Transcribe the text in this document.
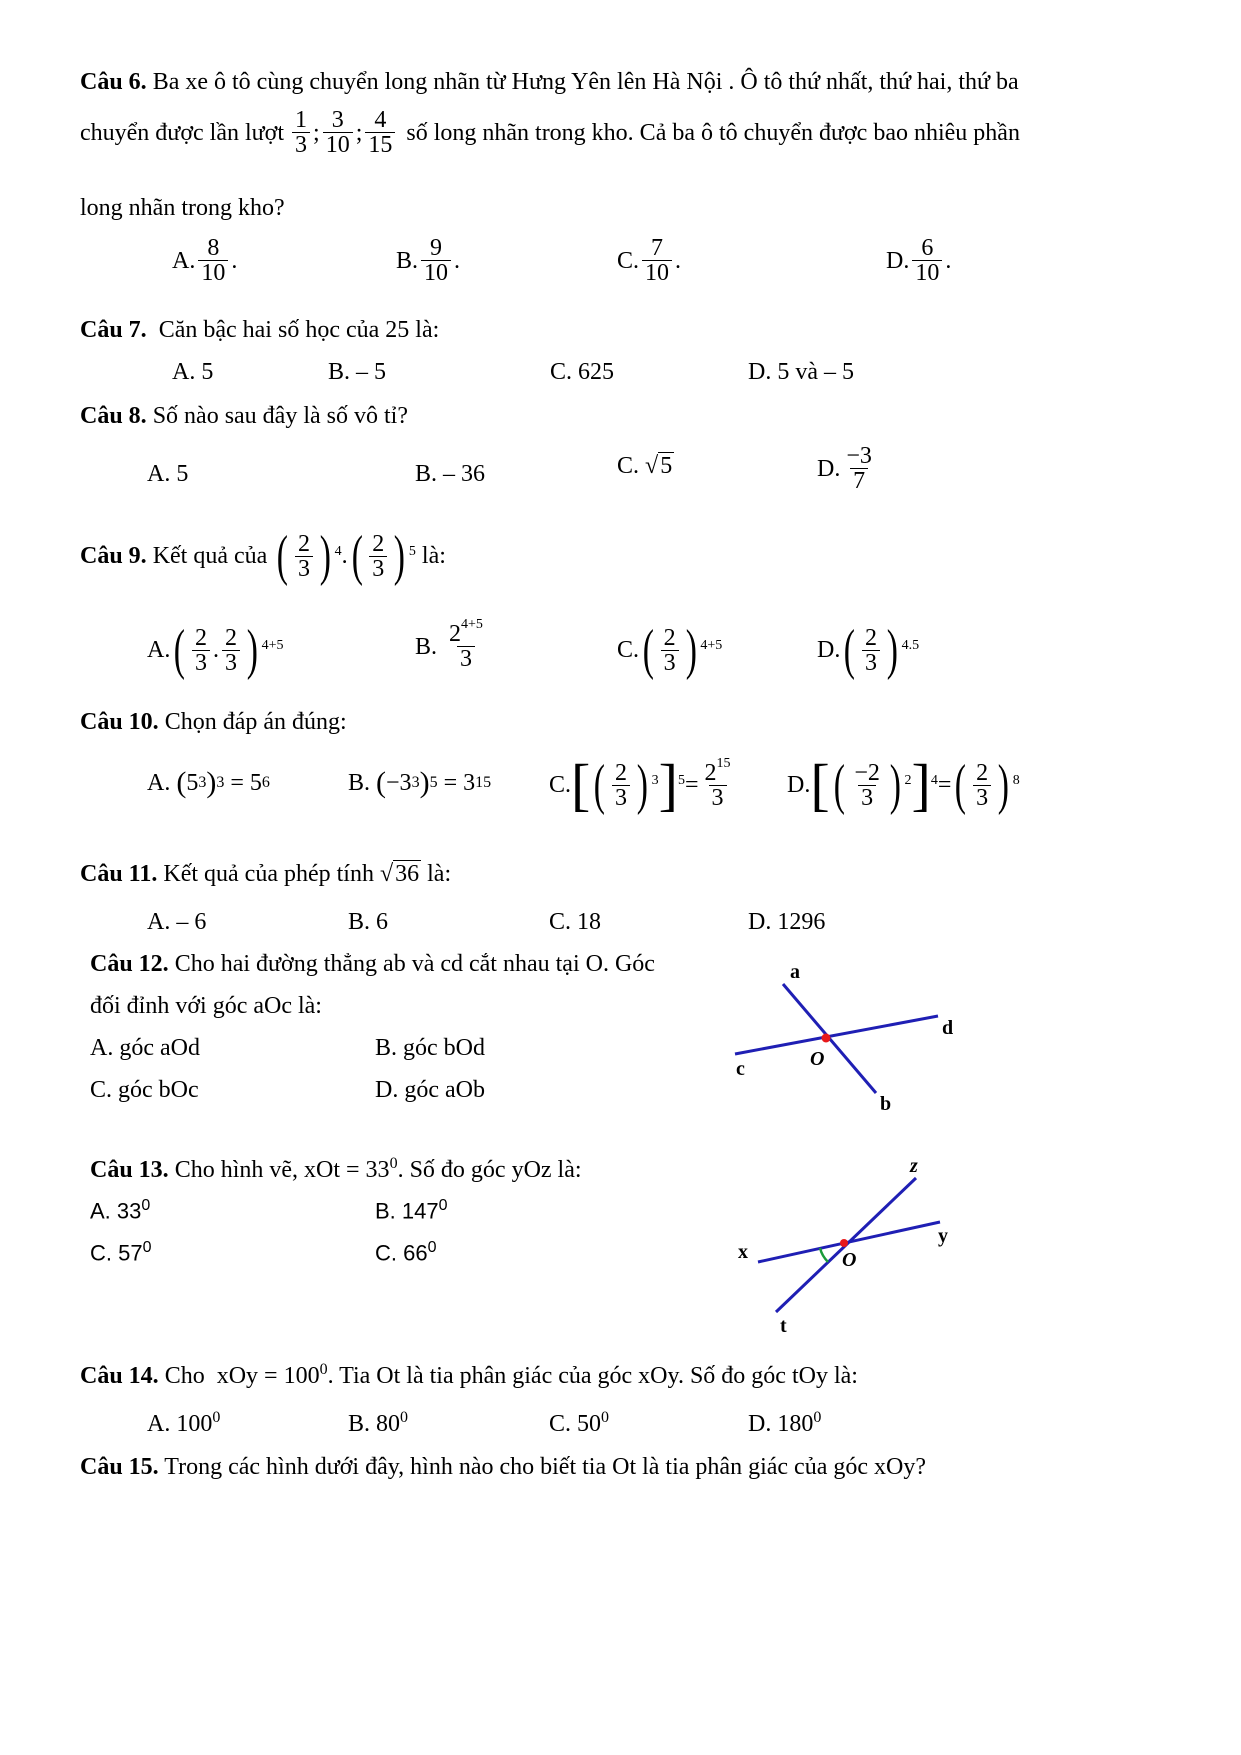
Câu 6. Ba xe ô tô cùng chuyển long nhãn từ Hưng Yên lên Hà Nội . Ô tô thứ nhất, thứ hai, thứ ba
chuyển được lần lượt $\frac{1}{3}$ ; $\frac{3}{10}$ ; $\frac{4}{15}$ số long nhãn trong kho. Cả ba ô tô chuyển được bao nhiêu phần
long nhãn trong kho?
A. $\frac{8}{10}$ .	B. $\frac{9}{10}$ .	C. $\frac{7}{10}$ .	D. $\frac{6}{10}$ .
Câu 7. Căn bậc hai số học của 25 là:
A. 5	B. – 5	C. 625	D. 5 và – 5
Câu 8. Số nào sau đây là số vô tỉ?
A. 5	B. – 36	C.
√5	D. $\frac{-3}{7}$
Câu 9.
Kết quả của
( $\frac{2}{3}$ ) $^4$ . ( $\frac{2}{3}$ ) $^5$
là:
A. ( $\frac{2}{3}$ . $\frac{2}{3}$ ) $^{4+5}$	B.
$\frac{2^{4+5}}{3}$	C. ( $\frac{2}{3}$ ) $^{4+5}$	D. ( $\frac{2}{3}$ ) $^{4.5}$
Câu 10. Chọn đáp án đúng:
A.
( 5 3 ) 3
= 5 6	B.
( −3 3 ) 5
= 3 15 C. [ ( $\frac{2}{3}$ ) $^3$ ]$^5 = \frac{2^{15}}{3} D$. [ ( $\frac{-2}{3}$ ) $^2$ ]$^4$ = ( $\frac{2}{3}$ ) $^8$
Câu 11.
Kết quả của phép tính
√36
là:
A. – 6	B. 6	C. 18	D. 1296
Câu 12. Cho hai đường thẳng ab và cd cắt nhau tại O. Góc
đối đỉnh với góc aOc là:
A. góc aOd	B. góc bOd
C. góc bOc	D. góc aOb
a
b
c
d
O
Câu 13. Cho hình vẽ, xOt = $33^0$. Số đo góc yOz là:
A. $33^0$	B. $147^0$
C. $57^0$	C. $66^0$
z
y
x
t
O
Câu 14. Cho xOy = $100^0$. Tia Ot là tia phân giác của góc xOy. Số đo góc tOy là:
A. $100^0$	B. $80^0$	C. $50^0$	D. $180^0$
Câu 15. Trong các hình dưới đây, hình nào cho biết tia Ot là tia phân giác của góc xOy?
